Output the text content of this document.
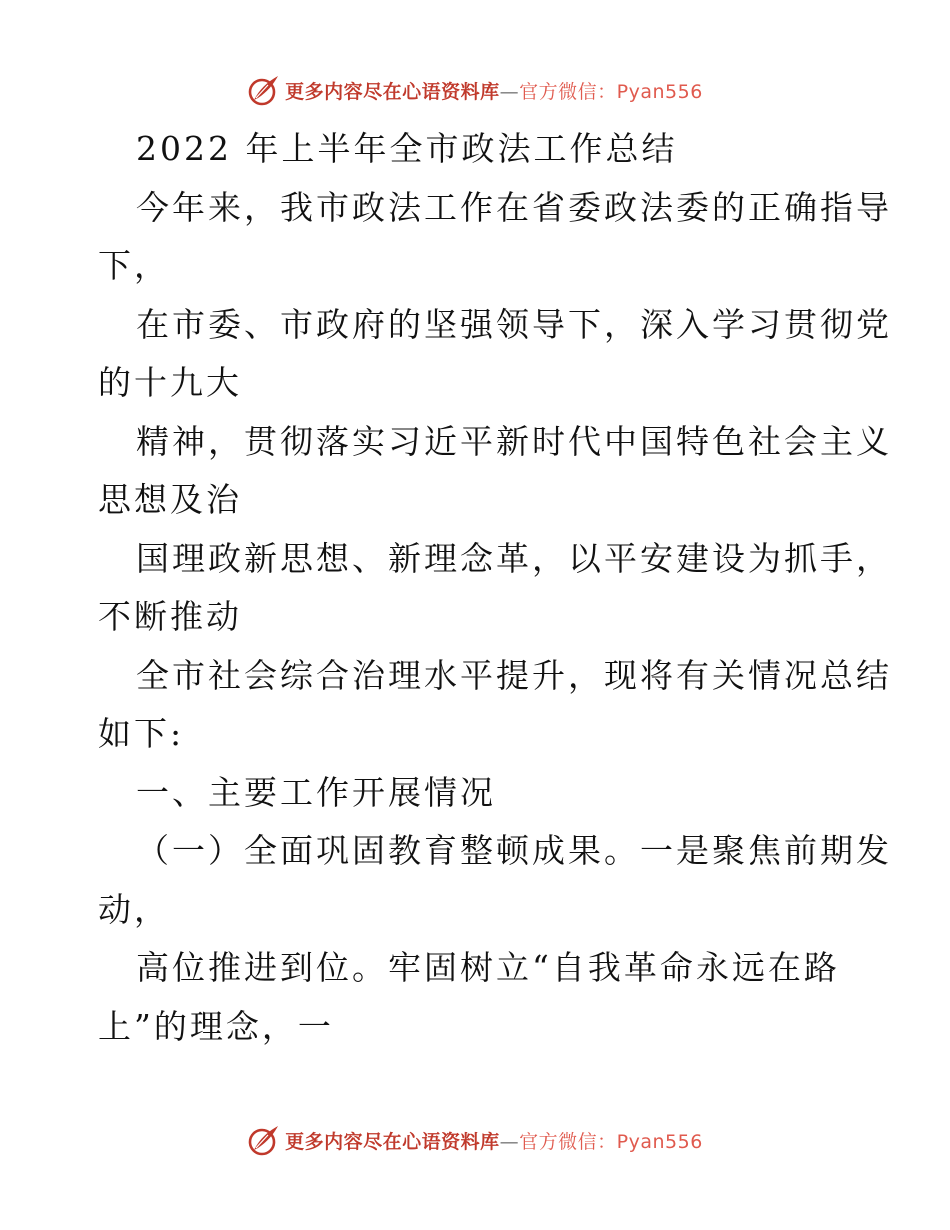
更多内容尽在心语资料库—官方微信：Pyan556
2022 年上半年全市政法工作总结
今年来，我市政法工作在省委政法委的正确指导
下，
在市委、市政府的坚强领导下，深入学习贯彻党
的十九大
精神，贯彻落实习近平新时代中国特色社会主义
思想及治
国理政新思想、新理念革，以平安建设为抓手，
不断推动
全市社会综合治理水平提升，现将有关情况总结
如下:
一、主要工作开展情况
（一）全面巩固教育整顿成果。一是聚焦前期发
动，
高位推进到位。牢固树立“自我革命永远在路
上”的理念，一
更多内容尽在心语资料库—官方微信：Pyan556
